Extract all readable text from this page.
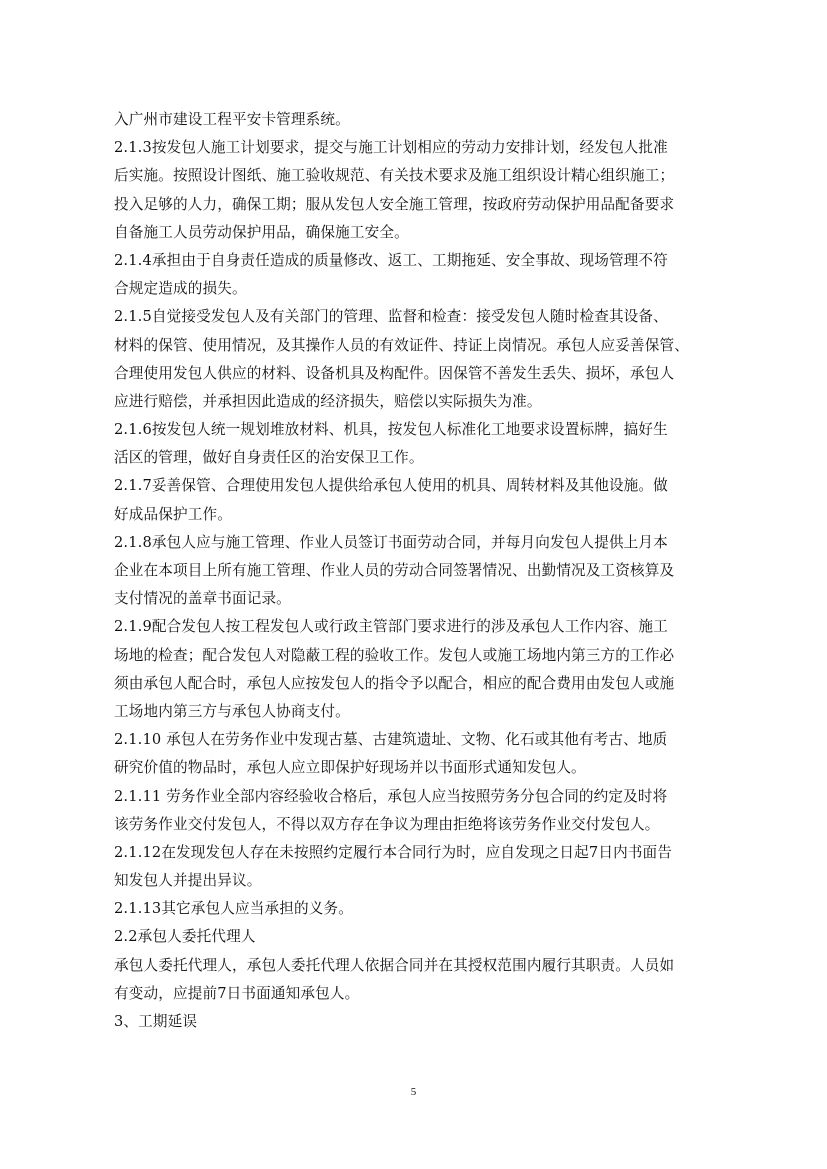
入广州市建设工程平安卡管理系统。
2.1.3按发包人施工计划要求，提交与施工计划相应的劳动力安排计划，经发包人批准
后实施。按照设计图纸、施工验收规范、有关技术要求及施工组织设计精心组织施工；
投入足够的人力，确保工期；服从发包人安全施工管理，按政府劳动保护用品配备要求
自备施工人员劳动保护用品，确保施工安全。
2.1.4承担由于自身责任造成的质量修改、返工、工期拖延、安全事故、现场管理不符
合规定造成的损失。
2.1.5自觉接受发包人及有关部门的管理、监督和检查：接受发包人随时检查其设备、
材料的保管、使用情况，及其操作人员的有效证件、持证上岗情况。承包人应妥善保管、
合理使用发包人供应的材料、设备机具及构配件。因保管不善发生丢失、损坏，承包人
应进行赔偿，并承担因此造成的经济损失，赔偿以实际损失为准。
2.1.6按发包人统一规划堆放材料、机具，按发包人标准化工地要求设置标牌，搞好生
活区的管理，做好自身责任区的治安保卫工作。
2.1.7妥善保管、合理使用发包人提供给承包人使用的机具、周转材料及其他设施。做
好成品保护工作。
2.1.8承包人应与施工管理、作业人员签订书面劳动合同，并每月向发包人提供上月本
企业在本项目上所有施工管理、作业人员的劳动合同签署情况、出勤情况及工资核算及
支付情况的盖章书面记录。
2.1.9配合发包人按工程发包人或行政主管部门要求进行的涉及承包人工作内容、施工
场地的检查；配合发包人对隐蔽工程的验收工作。发包人或施工场地内第三方的工作必
须由承包人配合时，承包人应按发包人的指令予以配合，相应的配合费用由发包人或施
工场地内第三方与承包人协商支付。
2.1.10 承包人在劳务作业中发现古墓、古建筑遗址、文物、化石或其他有考古、地质
研究价值的物品时，承包人应立即保护好现场并以书面形式通知发包人。
2.1.11 劳务作业全部内容经验收合格后，承包人应当按照劳务分包合同的约定及时将
该劳务作业交付发包人，不得以双方存在争议为理由拒绝将该劳务作业交付发包人。
2.1.12在发现发包人存在未按照约定履行本合同行为时，应自发现之日起7日内书面告
知发包人并提出异议。
2.1.13其它承包人应当承担的义务。
2.2承包人委托代理人
承包人委托代理人，承包人委托代理人依据合同并在其授权范围内履行其职责。人员如
有变动，应提前7日书面通知承包人。
3、工期延误
5
